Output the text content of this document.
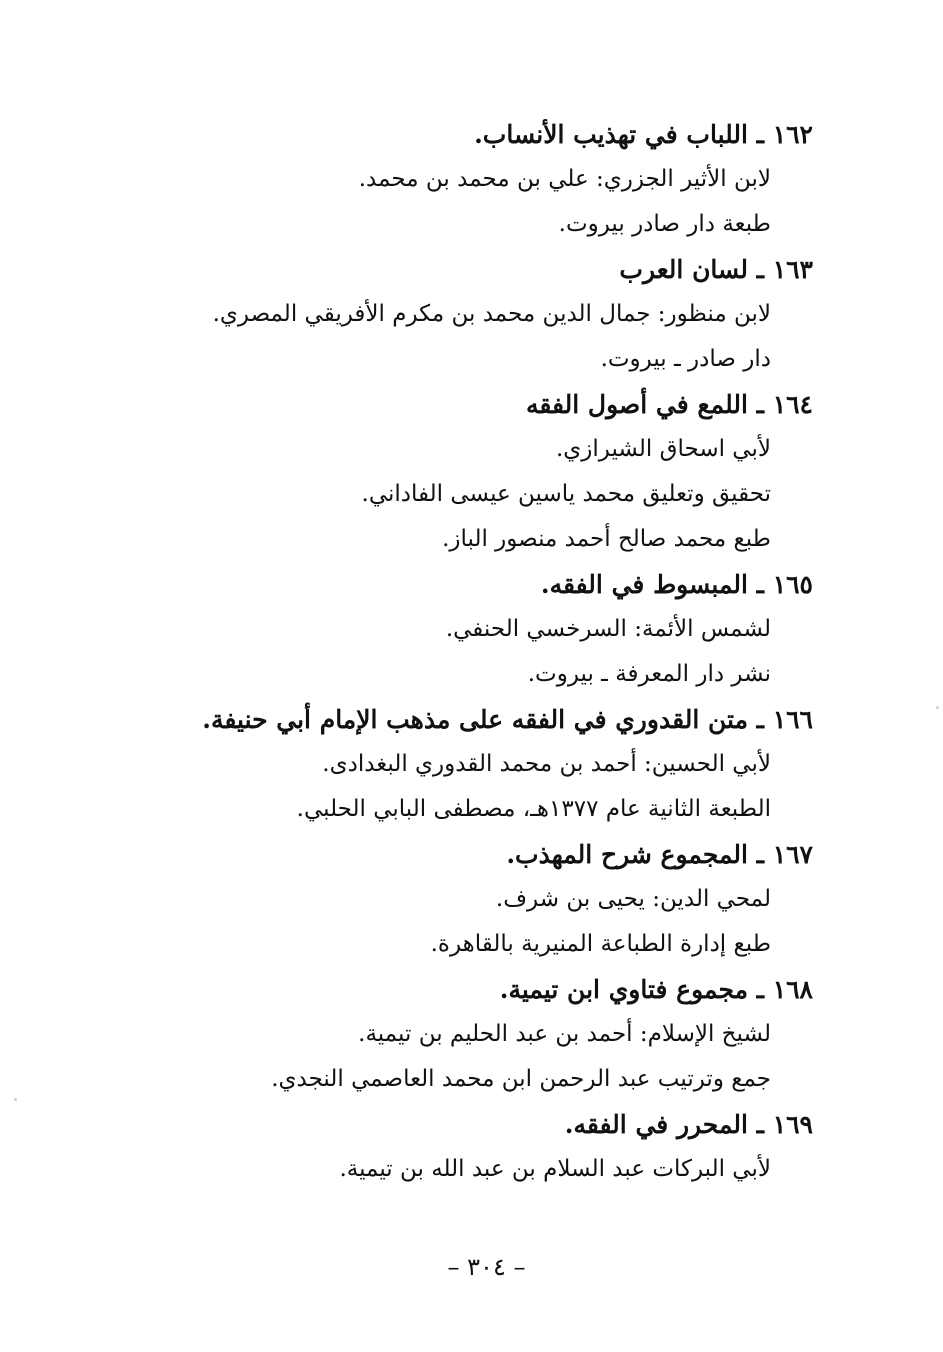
١٦٢ ـ اللباب في تهذيب الأنساب.
لابن الأثير الجزري: علي بن محمد بن محمد.
طبعة دار صادر بيروت.
١٦٣ ـ لسان العرب
لابن منظور: جمال الدين محمد بن مكرم الأفريقي المصري.
دار صادر ـ بيروت.
١٦٤ ـ اللمع في أصول الفقه
لأبي اسحاق الشيرازي.
تحقيق وتعليق محمد ياسين عيسى الفاداني.
طبع محمد صالح أحمد منصور الباز.
١٦٥ ـ المبسوط في الفقه.
لشمس الأئمة: السرخسي الحنفي.
نشر دار المعرفة ـ بيروت.
١٦٦ ـ متن القدوري في الفقه على مذهب الإمام أبي حنيفة.
لأبي الحسين: أحمد بن محمد القدوري البغدادى.
الطبعة الثانية عام ١٣٧٧هـ، مصطفى البابي الحلبي.
١٦٧ ـ المجموع شرح المهذب.
لمحي الدين: يحيى بن شرف.
طبع إدارة الطباعة المنيرية بالقاهرة.
١٦٨ ـ مجموع فتاوي ابن تيمية.
لشيخ الإسلام: أحمد بن عبد الحليم بن تيمية.
جمع وترتيب عبد الرحمن ابن محمد العاصمي النجدي.
١٦٩ ـ المحرر في الفقه.
لأبي البركات عبد السلام بن عبد الله بن تيمية.
– ٣٠٤ –
